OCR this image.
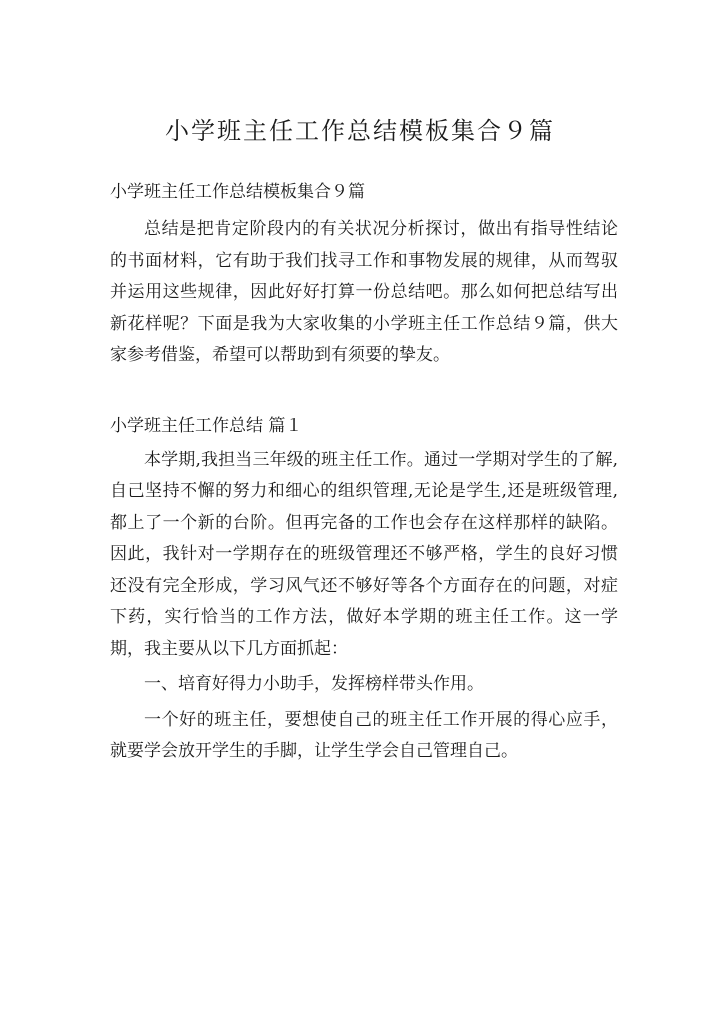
小学班主任工作总结模板集合９篇

小学班主任工作总结模板集合９篇

总结是把肯定阶段内的有关状况分析探讨，做出有指导性结论的书面材料，它有助于我们找寻工作和事物发展的规律，从而驾驭并运用这些规律，因此好好打算一份总结吧。那么如何把总结写出新花样呢？下面是我为大家收集的小学班主任工作总结９篇，供大家参考借鉴，希望可以帮助到有须要的挚友。

小学班主任工作总结 篇１

本学期,我担当三年级的班主任工作。通过一学期对学生的了解,自己坚持不懈的努力和细心的组织管理,无论是学生,还是班级管理,都上了一个新的台阶。但再完备的工作也会存在这样那样的缺陷。因此，我针对一学期存在的班级管理还不够严格，学生的良好习惯还没有完全形成，学习风气还不够好等各个方面存在的问题，对症下药，实行恰当的工作方法，做好本学期的班主任工作。这一学期，我主要从以下几方面抓起：

一、培育好得力小助手，发挥榜样带头作用。

一个好的班主任，要想使自己的班主任工作开展的得心应手，就要学会放开学生的手脚，让学生学会自己管理自己。
